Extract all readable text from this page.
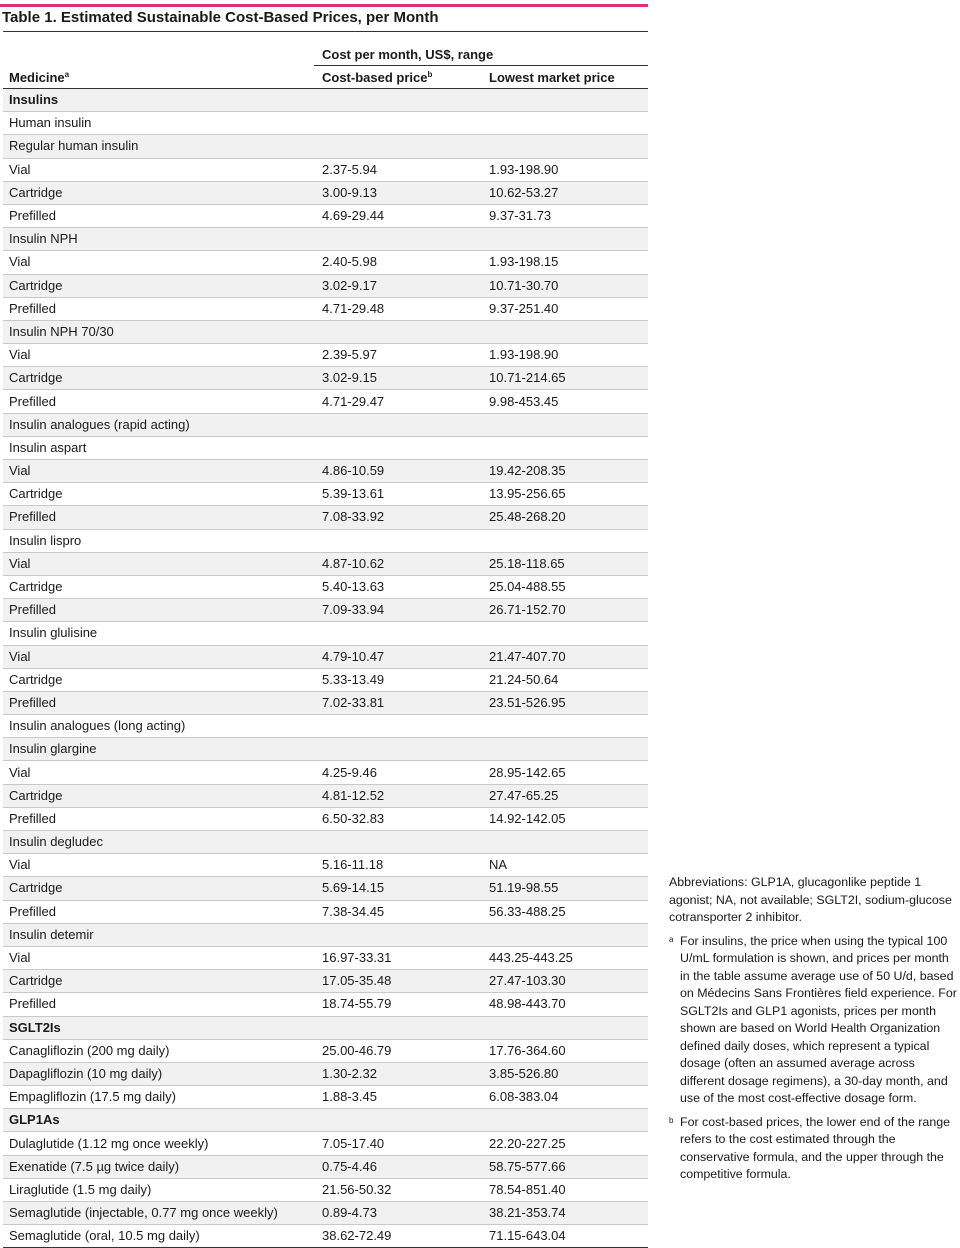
Table 1. Estimated Sustainable Cost-Based Prices, per Month
	Cost per month, US$, range	
Medicine$^a$	Cost-based price$^b$	Lowest market price
Insulins		
Human insulin		
Regular human insulin		
Vial	2.37-5.94	1.93-198.90
Cartridge	3.00-9.13	10.62-53.27
Prefilled	4.69-29.44	9.37-31.73
Insulin NPH		
Vial	2.40-5.98	1.93-198.15
Cartridge	3.02-9.17	10.71-30.70
Prefilled	4.71-29.48	9.37-251.40
Insulin NPH 70/30		
Vial	2.39-5.97	1.93-198.90
Cartridge	3.02-9.15	10.71-214.65
Prefilled	4.71-29.47	9.98-453.45
Insulin analogues (rapid acting)		
Insulin aspart		
Vial	4.86-10.59	19.42-208.35
Cartridge	5.39-13.61	13.95-256.65
Prefilled	7.08-33.92	25.48-268.20
Insulin lispro		
Vial	4.87-10.62	25.18-118.65
Cartridge	5.40-13.63	25.04-488.55
Prefilled	7.09-33.94	26.71-152.70
Insulin glulisine		
Vial	4.79-10.47	21.47-407.70
Cartridge	5.33-13.49	21.24-50.64
Prefilled	7.02-33.81	23.51-526.95
Insulin analogues (long acting)		
Insulin glargine		
Vial	4.25-9.46	28.95-142.65
Cartridge	4.81-12.52	27.47-65.25
Prefilled	6.50-32.83	14.92-142.05
Insulin degludec		
Vial	5.16-11.18	NA
Cartridge	5.69-14.15	51.19-98.55
Prefilled	7.38-34.45	56.33-488.25
Insulin detemir		
Vial	16.97-33.31	443.25-443.25
Cartridge	17.05-35.48	27.47-103.30
Prefilled	18.74-55.79	48.98-443.70
SGLT2Is		
Canagliflozin (200 mg daily)	25.00-46.79	17.76-364.60
Dapagliflozin (10 mg daily)	1.30-2.32	3.85-526.80
Empagliflozin (17.5 mg daily)	1.88-3.45	6.08-383.04
GLP1As		
Dulaglutide (1.12 mg once weekly)	7.05-17.40	22.20-227.25
Exenatide (7.5 µg twice daily)	0.75-4.46	58.75-577.66
Liraglutide (1.5 mg daily)	21.56-50.32	78.54-851.40
Semaglutide (injectable, 0.77 mg once weekly)	0.89-4.73	38.21-353.74
Semaglutide (oral, 10.5 mg daily)	38.62-72.49	71.15-643.04

Abbreviations: GLP1A, glucagonlike peptide 1 agonist; NA, not available; SGLT2I, sodium-glucose cotransporter 2 inhibitor.

a For insulins, the price when using the typical 100 U/mL formulation is shown, and prices per month in the table assume average use of 50 U/d, based on Médecins Sans Frontières field experience. For SGLT2Is and GLP1 agonists, prices per month shown are based on World Health Organization defined daily doses, which represent a typical dosage (often an assumed average across different dosage regimens), a 30-day month, and use of the most cost-effective dosage form.

b For cost-based prices, the lower end of the range refers to the cost estimated through the conservative formula, and the upper through the competitive formula.
